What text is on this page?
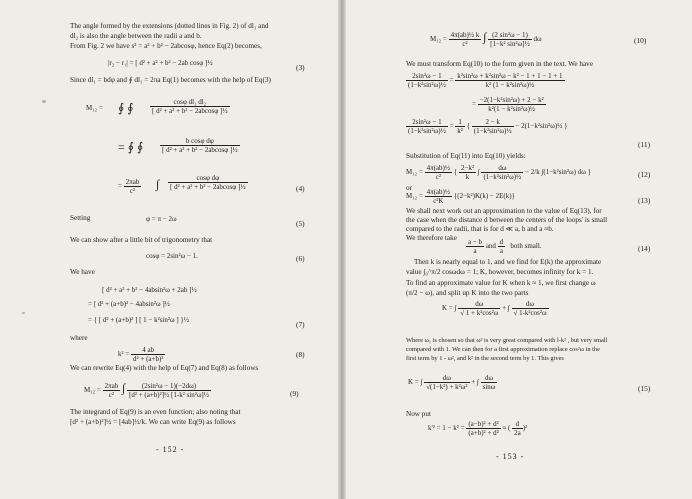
The angle formed by the extensions (dotted lines in Fig. 2) of dl₁ and
dl₂ is also the angle between the radii a and b.
From Fig. 2 we have s² = a² + b² − 2abcosφ, hence Eq(2) becomes,
|r₂ − r₁| = [ d² + a² + b² − 2ab cosφ ]½	(3)
Since dl₁ = bdφ and ∮ dl₁ = 2πa Eq(1) becomes with the help of Eq(3)
M₁₂ = ∮ ∮ $\frac{\text{cosφ dl₁ dl₂}}{\text{[ d² + a² + b² − 2abcosφ ]½}}$
= ∮ ∮ $\frac{\text{b cosφ dφ}}{\text{[ d² + a² + b² − 2abcosφ ]½}}$
= $\frac{\text{2πab}}{\text{c²}}$ ∫ $\frac{\text{cosφ dφ}}{\text{[ d² + a² + b² − 2abcosφ ]½}}$	(4)
Setting	φ = π − 2ω	(5)
We can show after a little bit of trigonometry that
cosφ = 2sin²ω − 1.	(6)
We have
[ d² + a² + b² − 4absin²ω + 2ab ]½
= [ d² + (a+b)² − 4absin²ω ]½
= { [ d² + (a+b)² ] [ 1 − k²sin²ω ] }½	(7)
where
$k^2 = \frac{4 ab}{\text{d² + (a+b)²}}$	(8)
We can rewrite Eq(4) with the help of Eq(7) and Eq(8) as follows
$M_{12} = \frac{\text{2πab}}{\text{c²}}$ ∫ $\frac{\text{(2sin²ω − 1)(−2dω)}}{\text{[d² + (a+b)²]½ [1-k² sin²ω]½}}$	(9)
The integrand of Eq(9) is an even function; also noting that
[d² + (a+b)²]½ = [4ab]½/k. We can write Eq(9) as follows
- 152 -
$M_{12} = \frac{\text{4π(ab)½ k}}{\text{c²}}$ ∫ $\frac{\text{(2 sin²ω − 1)}}{\text{[1−k² sin²ω]½}}$ dω	(10)
We must transform Eq(10) to the form given in the text. We have
$\frac{\text{2sin²ω − 1}}{\text{(1−k²sin²ω)½}} = \frac{\text{k²sin²ω + k²sin²ω − k² − 1 + 1 − 1 + 1}}{\text{k² (1 − k²sin²ω)½}}$
= $\frac{\text{−2(1−k²sin²ω) + 2 − k²}}{\text{k²(1 − k²sin²ω)½}}$
$\frac{\text{2sin²ω − 1}}{\text{(1−k²sin²ω)½}} = \frac{1}{\text{k²}}$ { $\frac{2 - k}{\text{(1−k²sin²ω)½}}$ − 2(1−k²sin²ω)½ }
(11)
Substitution of Eq(11) into Eq(10) yields:
$M_{12} = \frac{\text{4π(ab)½}}{\text{c²}}$ { $\frac{\text{2−k²}}{k}$ ∫ $\frac{d\omega}{\text{(1−k²sin²ω)½}} - 2/k$ ∫(1−k²sin²ω) dω }	(12)
or
$M_{12} = \frac{\text{4π(ab)½}}{\text{c²K}} \{(2-k^2)K(k) - 2E(k)\}$	(13)
We shall next work out an approximation to the value of Eq(13), for
the case when the distance d between the centers of the loops' is small
compared to the radii, that is for d ≪ a, b and a ≈b.
We therefore take $\frac{a - b}{a}$ and $\frac{d}{a}$ both small.	(14)
Then k is nearly equal to 1, and we find for E(k) the approximate
value ∫₀^π/2 cosωdω = 1; K, however, becomes infinity for k = 1.
To find an approximate value for K when k ≈ 1, we first change ω
(π/2 − ω), and split up K into the two parts
K = ∫ $\frac{d\omega}{\text{√ 1 + k²cos²ω}}$ + ∫ $\frac{d\omega}{\text{√ 1-k²cos²ω}}$
Where ω₁ is chosen so that ω² is very great compared with l-k² , but very small
compared with 1. We can then for a first approximation replace cos²ω in the
first term by 1 - ω², and k² in the second term by 1. This gives
K = ∫ $\frac{d\omega}{\text{√(1−k²) + k²ω²}}$ + ∫ $\frac{d\omega}{\sin\omega}$	(15)
Now put
$k'^2 = 1 - k^2 = \frac{\text{(a−b)² + d²}}{\text{(a+b)² + d²}}$ ≈ ( $\frac{d}{2a} )^2$
- 153 -
